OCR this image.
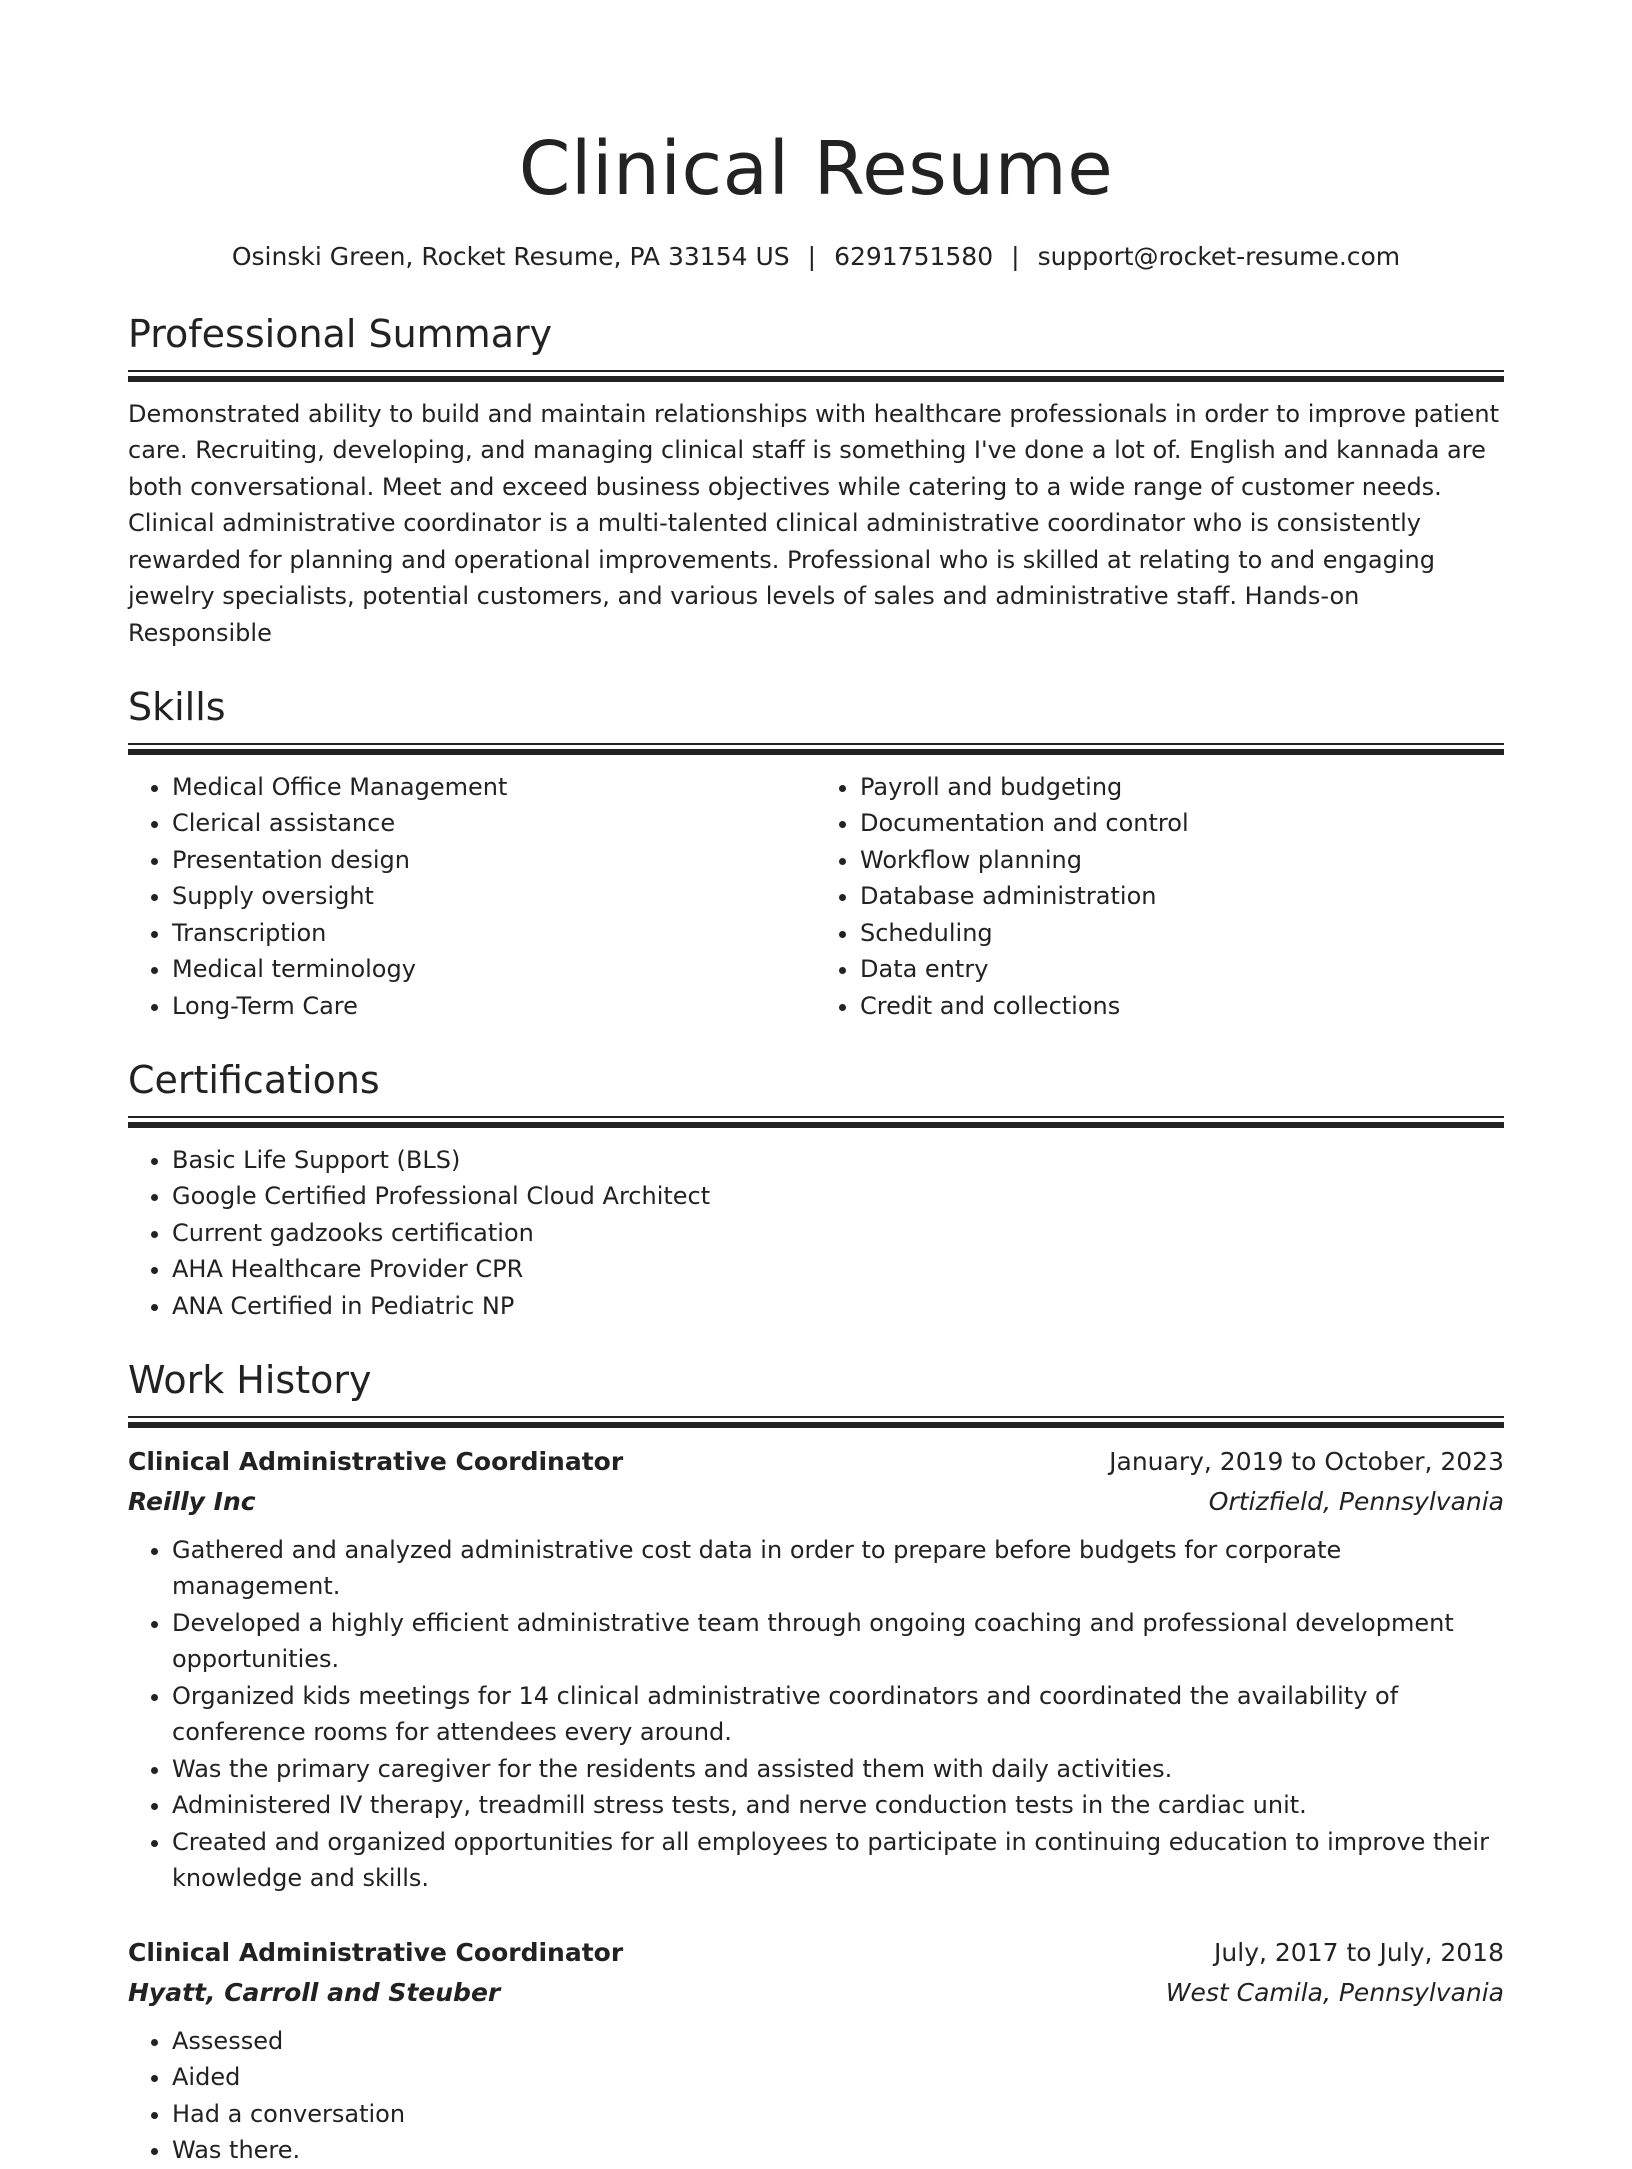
Clinical Resume
Osinski Green, Rocket Resume, PA 33154 US | 6291751580 | support@rocket-resume.com
Professional Summary

Demonstrated ability to build and maintain relationships with healthcare professionals in order to improve patient care. Recruiting, developing, and managing clinical staff is something I've done a lot of. English and kannada are both conversational. Meet and exceed business objectives while catering to a wide range of customer needs. Clinical administrative coordinator is a multi-talented clinical administrative coordinator who is consistently rewarded for planning and operational improvements. Professional who is skilled at relating to and engaging jewelry specialists, potential customers, and various levels of sales and administrative staff. Hands-on Responsible

Skills
• Medical Office Management
• Clerical assistance
• Presentation design
• Supply oversight
• Transcription
• Medical terminology
• Long-Term Care
• Payroll and budgeting
• Documentation and control
• Workflow planning
• Database administration
• Scheduling
• Data entry
• Credit and collections
Certifications
• Basic Life Support (BLS)
• Google Certified Professional Cloud Architect
• Current gadzooks certification
• AHA Healthcare Provider CPR
• ANA Certified in Pediatric NP
Work History
Clinical Administrative Coordinator	January, 2019 to October, 2023
Reilly Inc	Ortizfield, Pennsylvania
• Gathered and analyzed administrative cost data in order to prepare before budgets for corporate management.
• Developed a highly efficient administrative team through ongoing coaching and professional development opportunities.
• Organized kids meetings for 14 clinical administrative coordinators and coordinated the availability of conference rooms for attendees every around.
• Was the primary caregiver for the residents and assisted them with daily activities.
• Administered IV therapy, treadmill stress tests, and nerve conduction tests in the cardiac unit.
• Created and organized opportunities for all employees to participate in continuing education to improve their knowledge and skills.
Clinical Administrative Coordinator	July, 2017 to July, 2018
Hyatt, Carroll and Steuber	West Camila, Pennsylvania
• Assessed
• Aided
• Had a conversation
• Was there.
